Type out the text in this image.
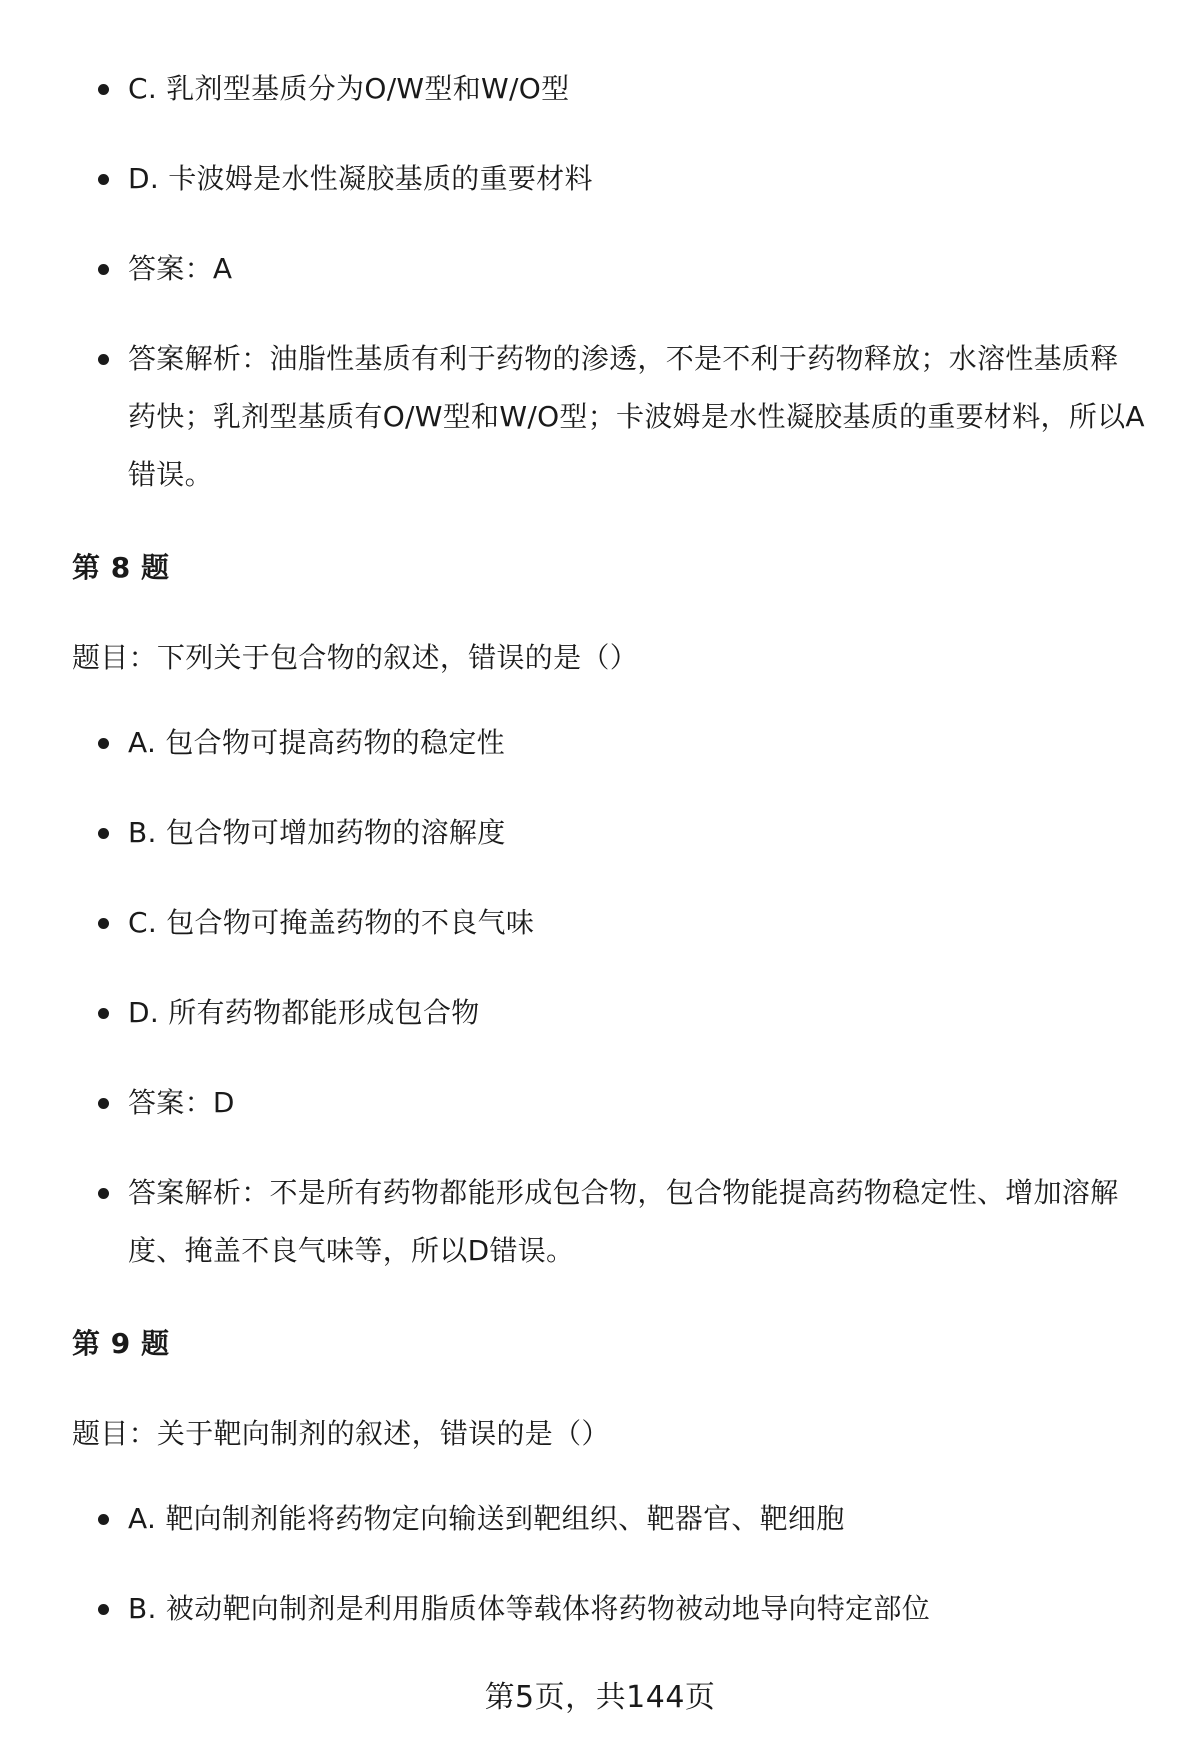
C. 乳剂型基质分为O/W型和W/O型
D. 卡波姆是水性凝胶基质的重要材料
答案：A
答案解析：油脂性基质有利于药物的渗透，不是不利于药物释放；水溶性基质释药快；乳剂型基质有O/W型和W/O型；卡波姆是水性凝胶基质的重要材料，所以A错误。
第 8 题
题目：下列关于包合物的叙述，错误的是（）
A. 包合物可提高药物的稳定性
B. 包合物可增加药物的溶解度
C. 包合物可掩盖药物的不良气味
D. 所有药物都能形成包合物
答案：D
答案解析：不是所有药物都能形成包合物，包合物能提高药物稳定性、增加溶解度、掩盖不良气味等，所以D错误。
第 9 题
题目：关于靶向制剂的叙述，错误的是（）
A. 靶向制剂能将药物定向输送到靶组织、靶器官、靶细胞
B. 被动靶向制剂是利用脂质体等载体将药物被动地导向特定部位
第5页，共144页
